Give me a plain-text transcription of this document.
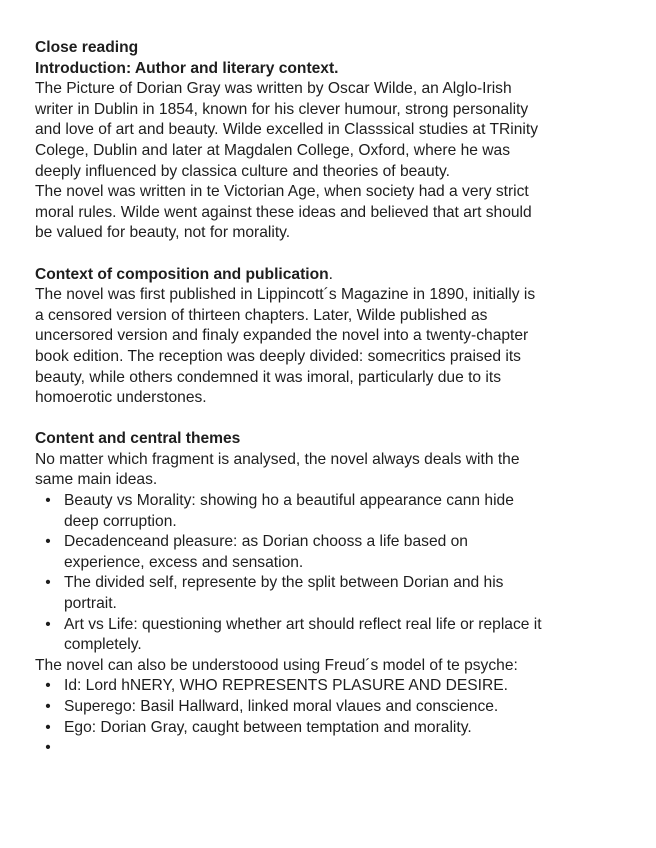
Close reading
Introduction: Author and literary context.
The Picture of Dorian Gray was written by Oscar Wilde, an Alglo-Irish
writer in Dublin in 1854, known for his clever humour, strong personality
and love of art and beauty. Wilde excelled in Classsical studies at TRinity
Colege, Dublin and later at Magdalen College, Oxford, where he was
deeply influenced by classica culture and theories of beauty.
The novel was written in te Victorian Age, when society had a very strict
moral rules. Wilde went against these ideas and believed that art should
be valued for beauty, not for morality.
Context of composition and publication.
The novel was first published in Lippincott´s Magazine in 1890, initially is
a censored version of thirteen chapters. Later, Wilde published as
uncersored version and finaly expanded the novel into a twenty-chapter
book edition. The reception was deeply divided: somecritics praised its
beauty, while others condemned it was imoral, particularly due to its
homoerotic understones.
Content and central themes
No matter which fragment is analysed, the novel always deals with the
same main ideas.
• Beauty vs Morality: showing ho a beautiful appearance cann hide
deep corruption.
• Decadenceand pleasure: as Dorian chooss a life based on
experience, excess and sensation.
• The divided self, represente by the split between Dorian and his
portrait.
• Art vs Life: questioning whether art should reflect real life or replace it
completely.
The novel can also be understoood using Freud´s model of te psyche:
• Id: Lord hNERY, WHO REPRESENTS PLASURE AND DESIRE.
• Superego: Basil Hallward, linked moral vlaues and conscience.
• Ego: Dorian Gray, caught between temptation and morality.
•
